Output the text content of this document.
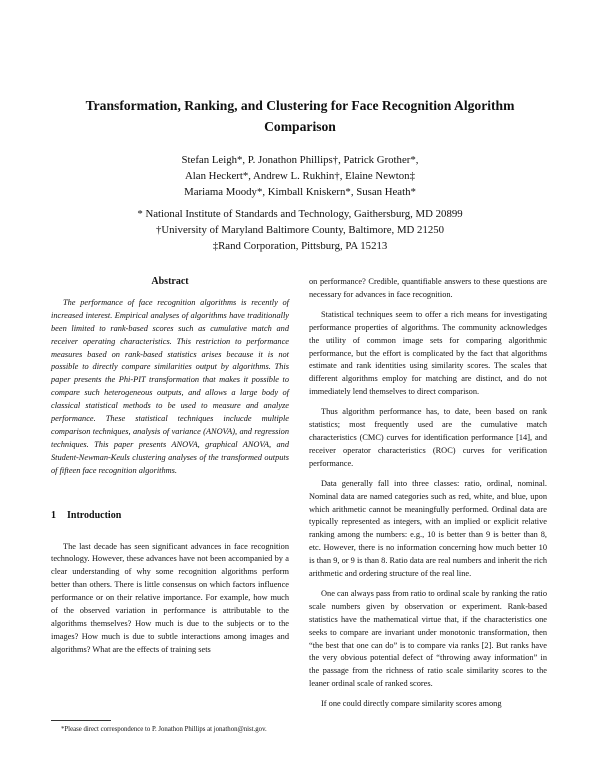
Transformation, Ranking, and Clustering for Face Recognition Algorithm
Comparison
Stefan Leigh*, P. Jonathon Phillips†, Patrick Grother*,
Alan Heckert*, Andrew L. Rukhin†, Elaine Newton‡
Mariama Moody*, Kimball Kniskern*, Susan Heath*
* National Institute of Standards and Technology, Gaithersburg, MD 20899
†University of Maryland Baltimore County, Baltimore, MD 21250
‡Rand Corporation, Pittsburg, PA 15213
Abstract

The performance of face recognition algorithms is recently of increased interest. Empirical analyses of algorithms have traditionally been limited to rank-based scores such as cumulative match and receiver operating characteristics. This restriction to performance measures based on rank-based statistics arises because it is not possible to directly compare similarities output by algorithms. This paper presents the Phi-PIT transformation that makes it possible to compare such heterogeneous outputs, and allows a large body of classical statistical methods to be used to measure and analyze performance. These statistical techniques inclucde multiple comparison techniques, analysis of variance (ANOVA), and regression techniques. This paper presents ANOVA, graphical ANOVA, and Student-Newman-Keuls clustering analyses of the transformed outputs of fifteen face recognition algorithms.

1 Introduction

The last decade has seen significant advances in face recognition technology. However, these advances have not been accompanied by a clear understanding of why some recognition algorithms perform better than others. There is little consensus on which factors influence performance or on their relative importance. For example, how much of the observed variation in performance is attributable to the algorithms themselves? How much is due to the subjects or to the images? How much is due to subtle interactions among images and algorithms? What are the effects of training sets

on performance? Credible, quantifiable answers to these questions are necessary for advances in face recognition.

Statistical techniques seem to offer a rich means for investigating performance properties of algorithms. The community acknowledges the utility of common image sets for comparing algorithmic performance, but the effort is complicated by the fact that algorithms estimate and rank identities using similarity scores. The scales that different algorithms employ for matching are distinct, and do not immediately lend themselves to direct comparison.

Thus algorithm performance has, to date, been based on rank statistics; most frequently used are the cumulative match characteristics (CMC) curves for identification performance [14], and receiver operator characteristics (ROC) curves for verification performance.

Data generally fall into three classes: ratio, ordinal, nominal. Nominal data are named categories such as red, white, and blue, upon which arithmetic cannot be meaningfully performed. Ordinal data are typically represented as integers, with an implied or explicit relative ranking among the numbers: e.g., 10 is better than 9 is better than 8, etc. However, there is no information concerning how much better 10 is than 9, or 9 is than 8. Ratio data are real numbers and inherit the rich arithmetic and ordering structure of the real line.

One can always pass from ratio to ordinal scale by ranking the ratio scale numbers given by observation or experiment. Rank-based statistics have the mathematical virtue that, if the characteristics one seeks to compare are invariant under monotonic transformation, then “the best that one can do” is to compare via ranks [2]. But ranks have the very obvious potential defect of “throwing away information” in the passage from the richness of ratio scale similarity scores to the leaner ordinal scale of ranked scores.

If one could directly compare similarity scores among

*Please direct correspondence to P. Jonathon Phillips at jonathon@nist.gov.
